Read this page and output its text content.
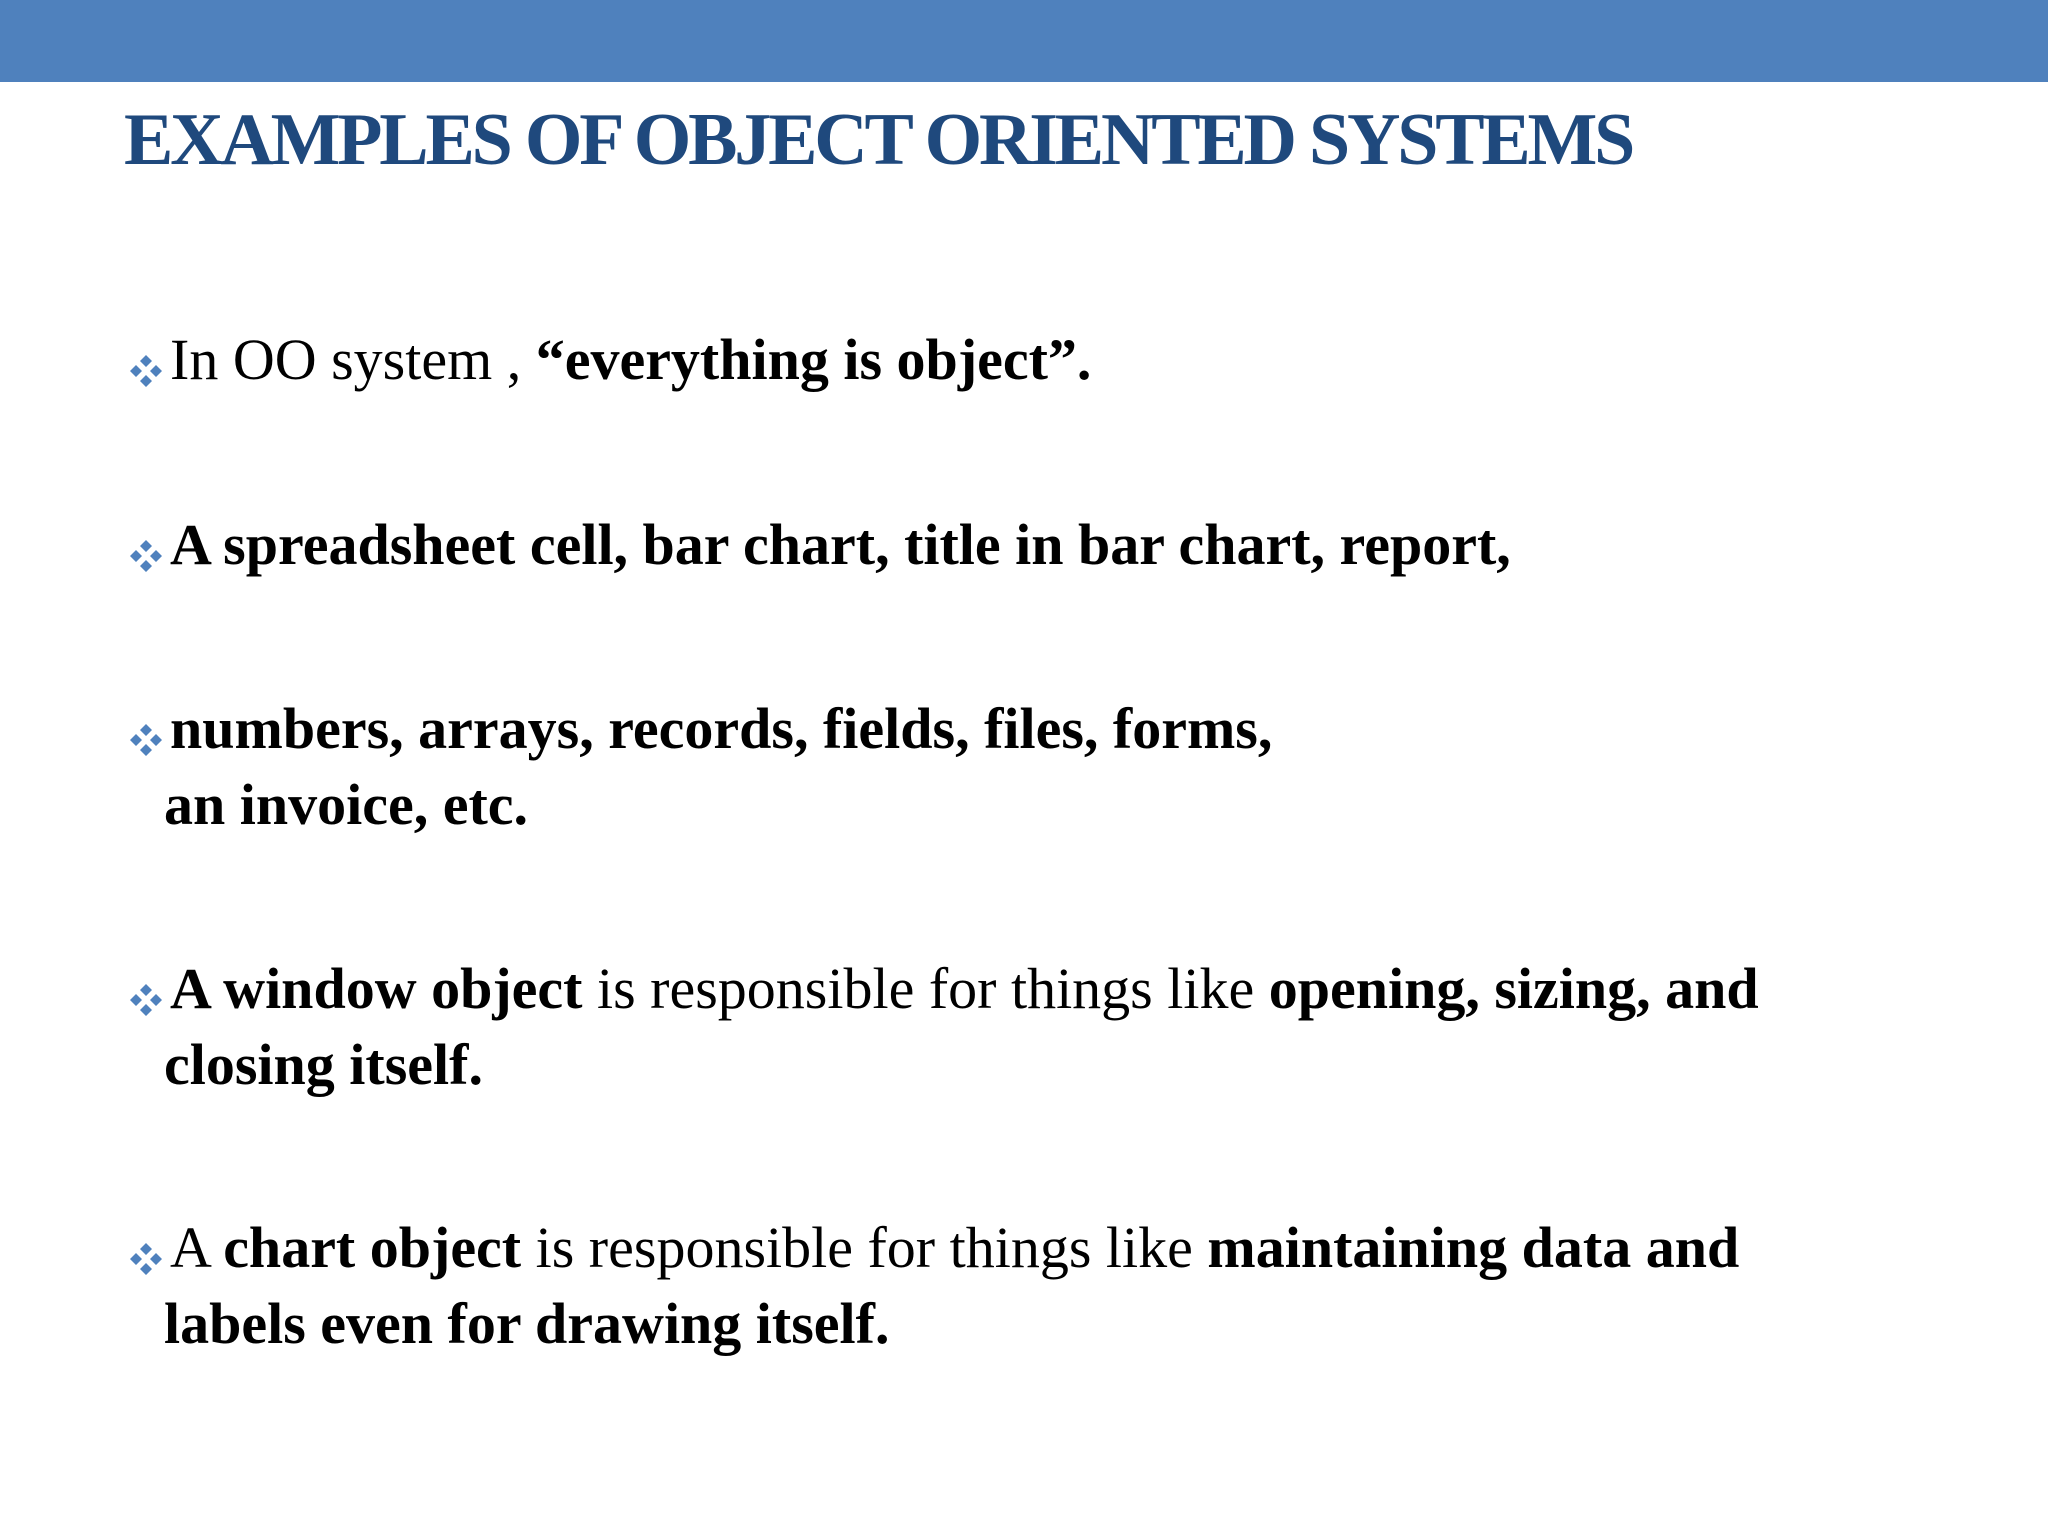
EXAMPLES OF OBJECT ORIENTED SYSTEMS
In OO system , “everything is object”.
A spreadsheet cell, bar chart, title in bar chart, report,
numbers, arrays, records, fields, files, forms,
an invoice, etc.
A window object is responsible for things like opening, sizing, and
closing itself.
A chart object is responsible for things like maintaining data and
labels even for drawing itself.
